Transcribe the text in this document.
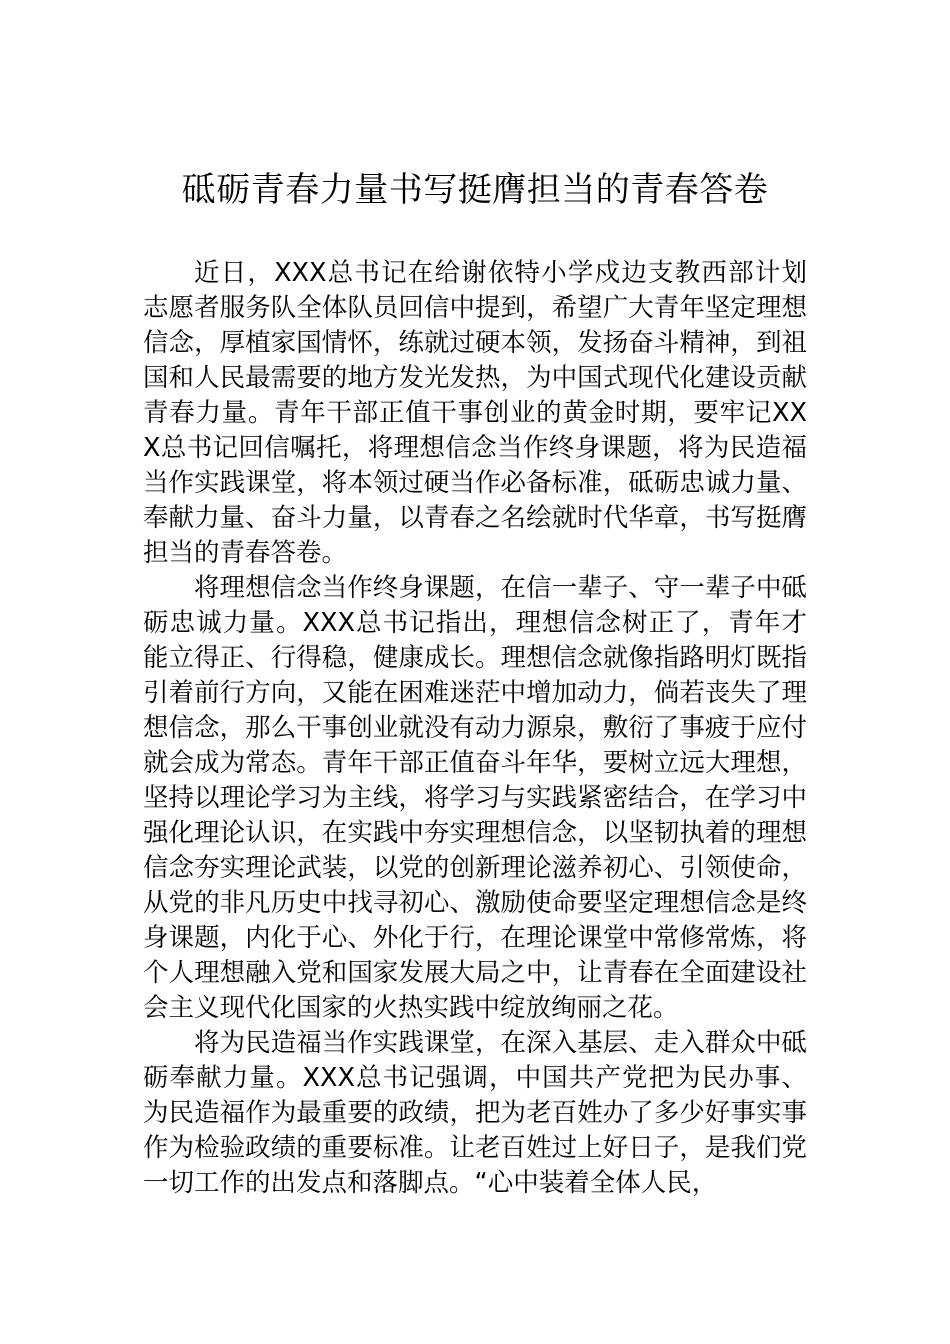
砥砺青春力量书写挺膺担当的青春答卷

近日，XXX总书记在给谢依特小学戍边支教西部计划志愿者服务队全体队员回信中提到，希望广大青年坚定理想信念，厚植家国情怀，练就过硬本领，发扬奋斗精神，到祖国和人民最需要的地方发光发热，为中国式现代化建设贡献青春力量。青年干部正值干事创业的黄金时期，要牢记XXX总书记回信嘱托，将理想信念当作终身课题，将为民造福当作实践课堂，将本领过硬当作必备标准，砥砺忠诚力量、奉献力量、奋斗力量，以青春之名绘就时代华章，书写挺膺担当的青春答卷。

将理想信念当作终身课题，在信一辈子、守一辈子中砥砺忠诚力量。XXX总书记指出，理想信念树正了，青年才能立得正、行得稳，健康成长。理想信念就像指路明灯既指引着前行方向，又能在困难迷茫中增加动力，倘若丧失了理想信念，那么干事创业就没有动力源泉，敷衍了事疲于应付就会成为常态。青年干部正值奋斗年华，要树立远大理想，坚持以理论学习为主线，将学习与实践紧密结合，在学习中强化理论认识，在实践中夯实理想信念，以坚韧执着的理想信念夯实理论武装，以党的创新理论滋养初心、引领使命，从党的非凡历史中找寻初心、激励使命要坚定理想信念是终身课题，内化于心、外化于行，在理论课堂中常修常炼，将个人理想融入党和国家发展大局之中，让青春在全面建设社会主义现代化国家的火热实践中绽放绚丽之花。

将为民造福当作实践课堂，在深入基层、走入群众中砥砺奉献力量。XXX总书记强调，中国共产党把为民办事、为民造福作为最重要的政绩，把为老百姓办了多少好事实事作为检验政绩的重要标准。让老百姓过上好日子，是我们党一切工作的出发点和落脚点。“心中装着全体人民，
